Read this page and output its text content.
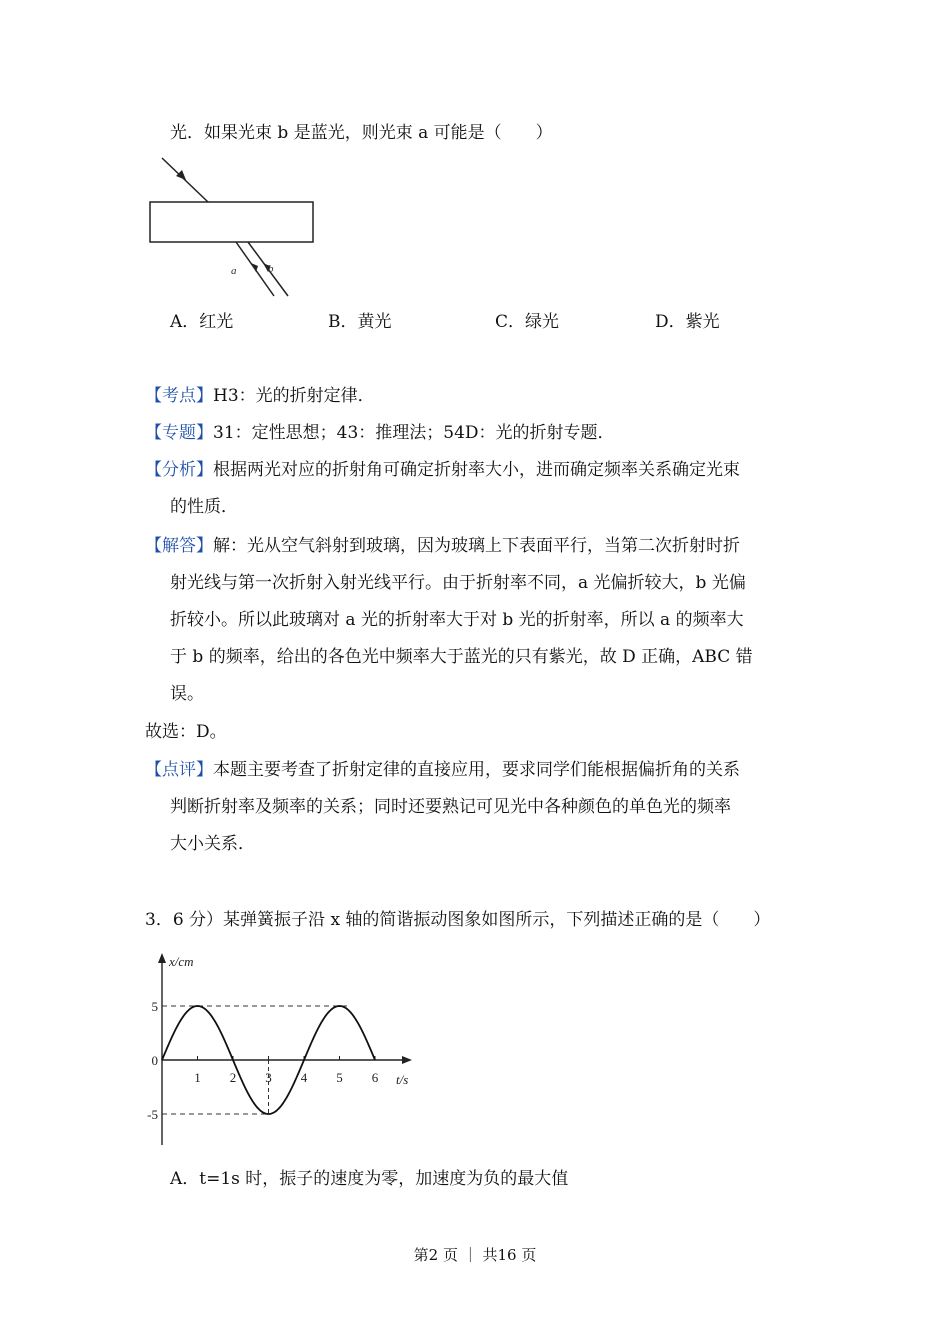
光．如果光束 b 是蓝光，则光束 a 可能是（　　）
a	b
A．红光	B．黄光	C．绿光	D．紫光
【考点】H3：光的折射定律．
【专题】31：定性思想；43：推理法；54D：光的折射专题．
【分析】根据两光对应的折射角可确定折射率大小，进而确定频率关系确定光束
的性质．
【解答】解：光从空气斜射到玻璃，因为玻璃上下表面平行，当第二次折射时折
射光线与第一次折射入射光线平行。由于折射率不同，a 光偏折较大，b 光偏
折较小。所以此玻璃对 a 光的折射率大于对 b 光的折射率，所以 a 的频率大
于 b 的频率，给出的各色光中频率大于蓝光的只有紫光，故 D 正确，ABC 错
误。
故选：D。
【点评】本题主要考查了折射定律的直接应用，要求同学们能根据偏折角的关系
判断折射率及频率的关系；同时还要熟记可见光中各种颜色的单色光的频率
大小关系．
3．6 分）某弹簧振子沿 x 轴的简谐振动图象如图所示，下列描述正确的是（　　）
x/cm
t/s
5
0
-5
1 2 3 4 5 6
A．t=1s 时，振子的速度为零，加速度为负的最大值
第2 页 ｜ 共16 页
